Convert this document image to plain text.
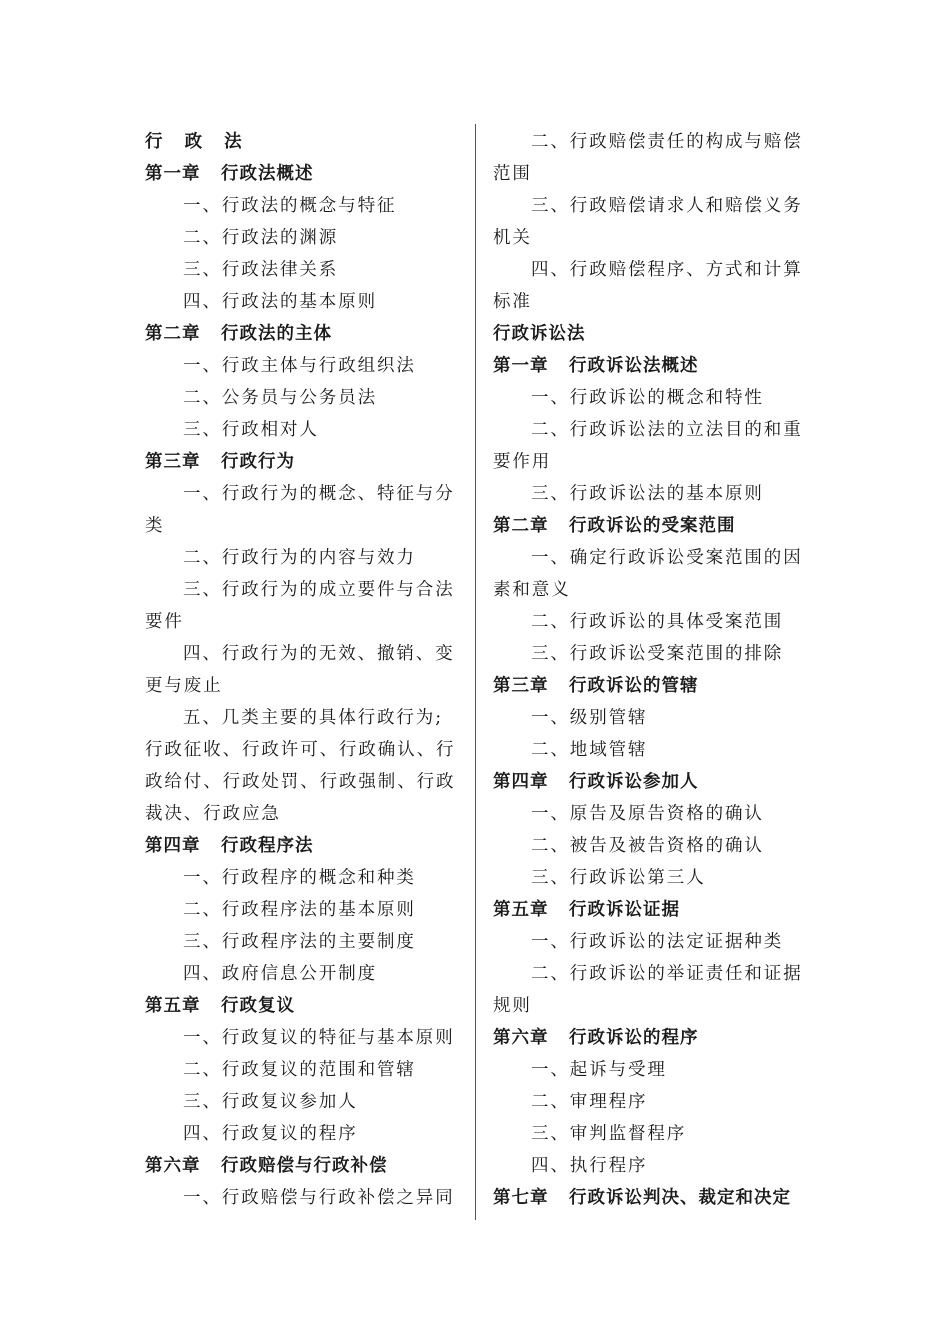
行 政 法
第一章 行政法概述
一、行政法的概念与特征
二、行政法的渊源
三、行政法律关系
四、行政法的基本原则
第二章 行政法的主体
一、行政主体与行政组织法
二、公务员与公务员法
三、行政相对人
第三章 行政行为
一、行政行为的概念、特征与分
类
二、行政行为的内容与效力
三、行政行为的成立要件与合法
要件
四、行政行为的无效、撤销、变
更与废止
五、几类主要的具体行政行为;
行政征收、行政许可、行政确认、行
政给付、行政处罚、行政强制、行政
裁决、行政应急
第四章 行政程序法
一、行政程序的概念和种类
二、行政程序法的基本原则
三、行政程序法的主要制度
四、政府信息公开制度
第五章 行政复议
一、行政复议的特征与基本原则
二、行政复议的范围和管辖
三、行政复议参加人
四、行政复议的程序
第六章 行政赔偿与行政补偿
一、行政赔偿与行政补偿之异同
二、行政赔偿责任的构成与赔偿
范围
三、行政赔偿请求人和赔偿义务
机关
四、行政赔偿程序、方式和计算
标准
行政诉讼法
第一章 行政诉讼法概述
一、行政诉讼的概念和特性
二、行政诉讼法的立法目的和重
要作用
三、行政诉讼法的基本原则
第二章 行政诉讼的受案范围
一、确定行政诉讼受案范围的因
素和意义
二、行政诉讼的具体受案范围
三、行政诉讼受案范围的排除
第三章 行政诉讼的管辖
一、级别管辖
二、地域管辖
第四章 行政诉讼参加人
一、原告及原告资格的确认
二、被告及被告资格的确认
三、行政诉讼第三人
第五章 行政诉讼证据
一、行政诉讼的法定证据种类
二、行政诉讼的举证责任和证据
规则
第六章 行政诉讼的程序
一、起诉与受理
二、审理程序
三、审判监督程序
四、执行程序
第七章 行政诉讼判决、裁定和决定
